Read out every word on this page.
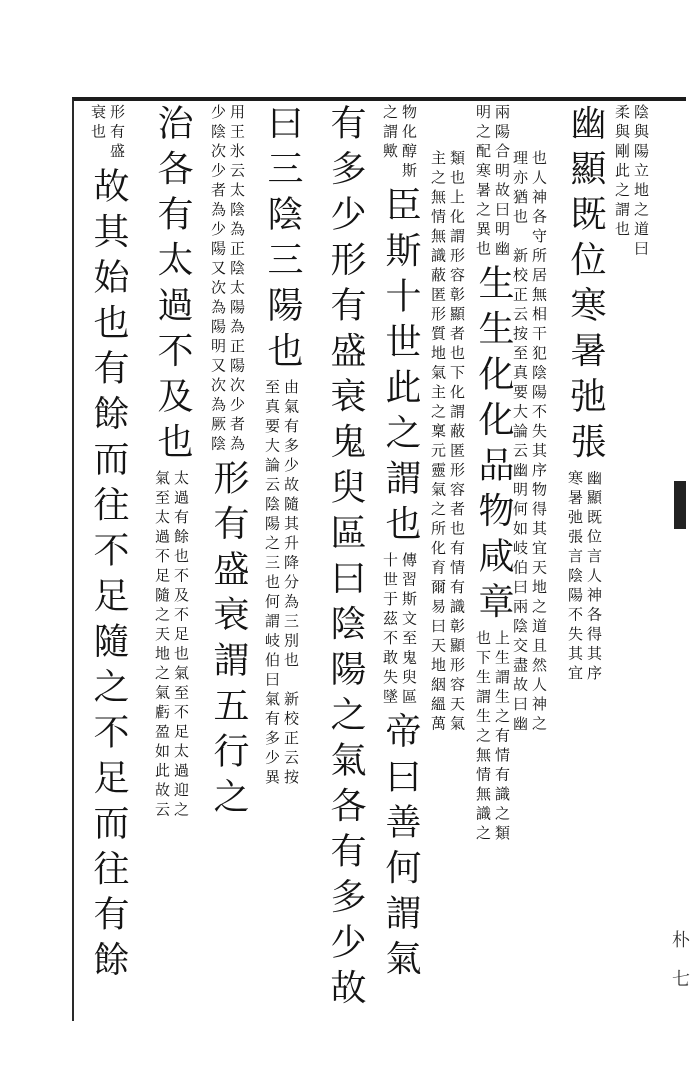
朴 七
陰與陽立地之道曰
柔與剛此之謂也
幽顯既位寒暑弛張
幽顯既位言人神各得其序
寒暑弛張言陰陽不失其宜
也人神各守所居無相干犯陰陽不失其序物得其宜天地之道且然人神之
理亦猶也　新校正云按至真要大論云幽明何如岐伯曰兩陰交盡故曰幽
兩陽合明故曰明幽
明之配寒暑之異也
生生化化品物咸章
上生謂生之有情有識之類
也下生謂生之無情無識之
類也上化謂形容彰顯者也下化謂蔽匿形容者也有情有識彰顯形容天氣
主之無情無識蔽匿形質地氣主之稟元靈氣之所化育爾易曰天地絪縕萬
物化醇斯
之謂歟
臣斯十世此之謂也
傳習斯文至鬼臾區
十世于茲不敢失墜
帝曰善何謂氣
有多少形有盛衰鬼臾區曰陰陽之氣各有多少故
曰三陰三陽也
由氣有多少故隨其升降分為三別也　新校正云按
至真要大論云陰陽之三也何謂岐伯曰氣有多少異
用王氷云太陰為正陰太陽為正陽次少者為
少陰次少者為少陽又次為陽明又次為厥陰
形有盛衰謂五行之
治各有太過不及也
太過有餘也不及不足也氣至不足太過迎之
氣至太過不足隨之天地之氣虧盈如此故云
形有盛
衰也
故其始也有餘而往不足隨之不足而往有餘
